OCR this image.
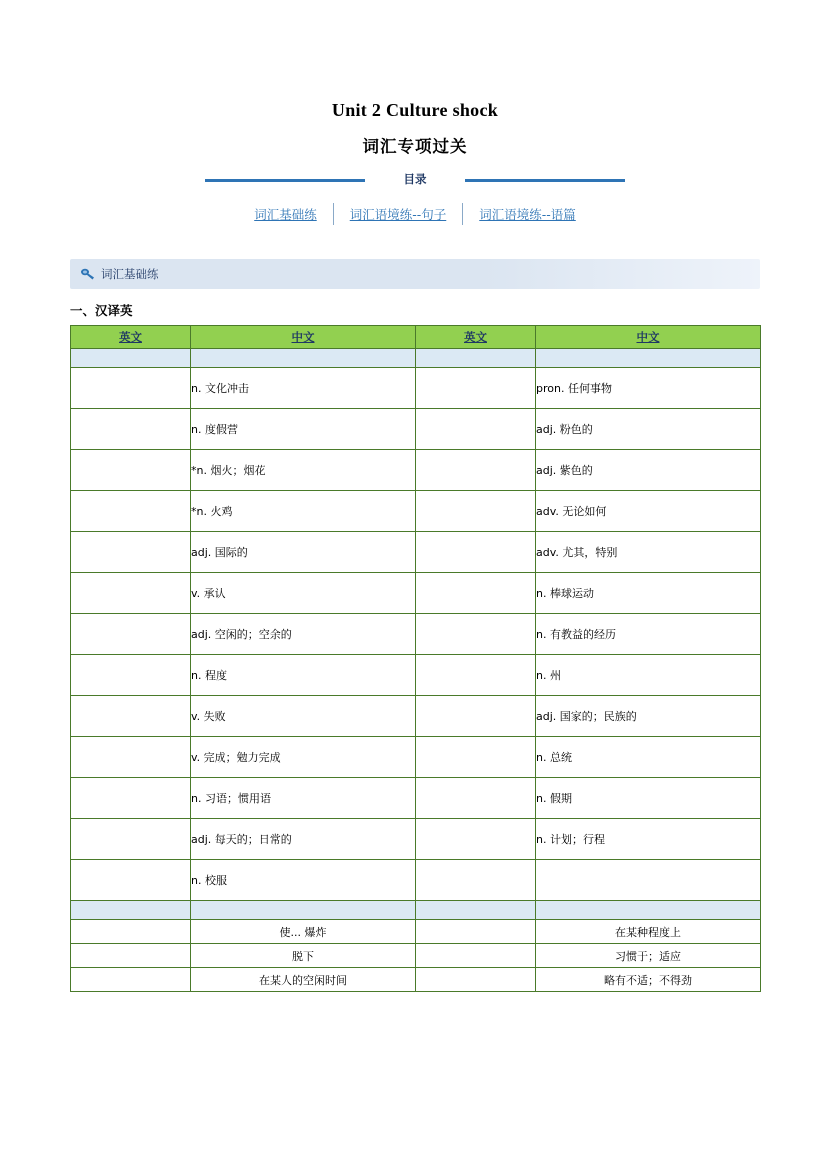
Unit 2 Culture shock
词汇专项过关
目录
词汇基础练	词汇语境练--句子	词汇语境练--语篇
词汇基础练
一、汉译英
英文	中文	英文	中文

	n. 文化冲击		pron. 任何事物
	n. 度假营		adj. 粉色的
	*n. 烟火；烟花		adj. 紫色的
	*n. 火鸡		adv. 无论如何
	adj. 国际的		adv. 尤其，特别
	v. 承认		n. 棒球运动
	adj. 空闲的；空余的		n. 有教益的经历
	n. 程度		n. 州
	v. 失败		adj. 国家的；民族的
	v. 完成；勉力完成		n. 总统
	n. 习语；惯用语		n. 假期
	adj. 每天的；日常的		n. 计划；行程
	n. 校服		

	使... 爆炸		在某种程度上
	脱下		习惯于；适应
	在某人的空闲时间		略有不适；不得劲
